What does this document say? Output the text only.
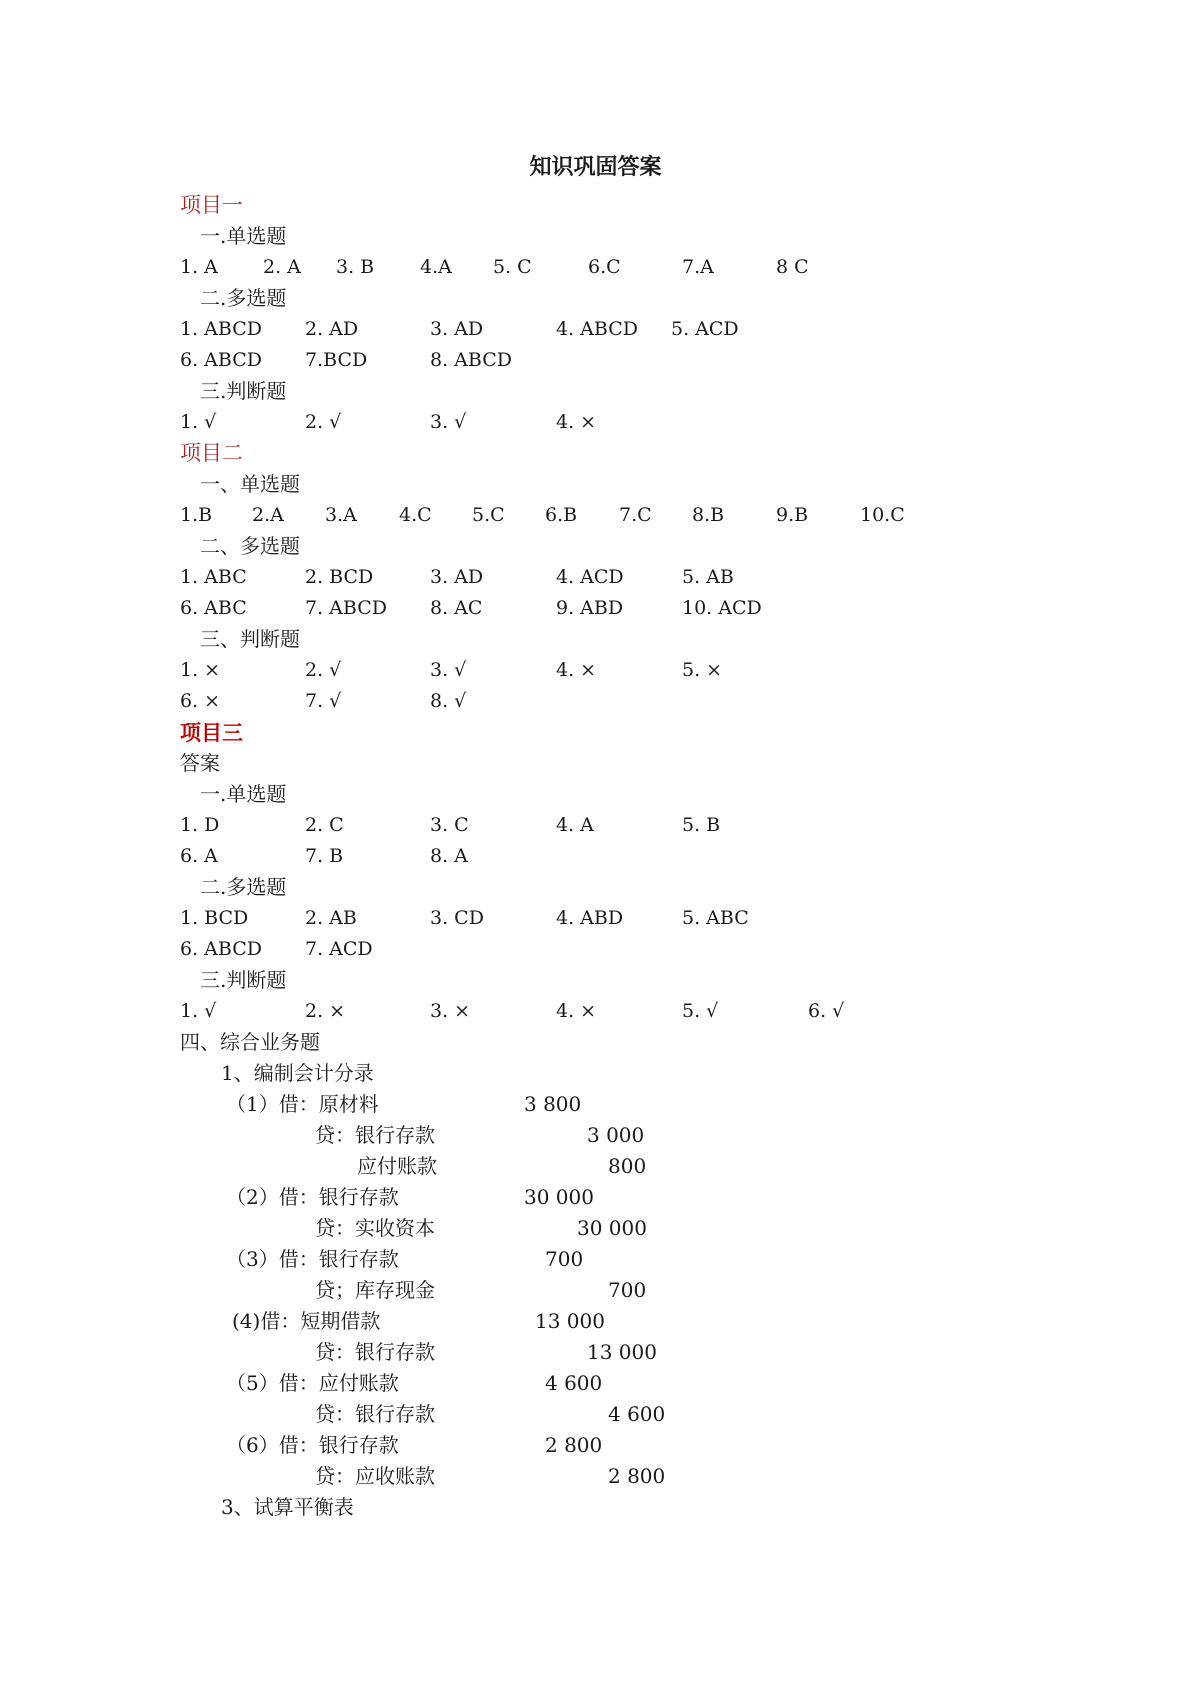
知识巩固答案
项目一
一.单选题
1. A 2. A 3. B 4.A 5. C	6.C	7.A	8 C
二.多选题
1. ABCD 2. AD	3. AD	4. ABCD 5. ACD
6. ABCD 7.BCD	8. ABCD
三.判断题
1. √	2. √	3. √	4. ×
项目二
一、单选题
1.B 2.A 3.A 4.C 5.C 6.B 7.C 8.B	9.B	10.C
二、多选题
1. ABC	2. BCD	3. AD	4. ACD	5. AB
6. ABC	7. ABCD 8. AC	9. ABD	10. ACD
三、判断题
1. ×	2. √	3. √	4. ×	5. ×
6. ×	7. √	8. √
项目三
答案
一.单选题
1. D	2. C	3. C	4. A	5. B
6. A	7. B	8. A
二.多选题
1. BCD	2. AB	3. CD	4. ABD	5. ABC
6. ABCD 7. ACD
三.判断题
1. √	2. ×	3. ×	4. ×	5. √	6. √
四、综合业务题
1、编制会计分录
（1）借：原材料	3 800
贷：银行存款	3 000
应付账款	800
（2）借：银行存款	30 000
贷：实收资本	30 000
（3）借：银行存款	700
贷；库存现金	700
(4)借：短期借款	13 000
贷：银行存款	13 000
（5）借：应付账款	4 600
贷：银行存款	4 600
（6）借：银行存款	2 800
贷：应收账款	2 800
3、试算平衡表
